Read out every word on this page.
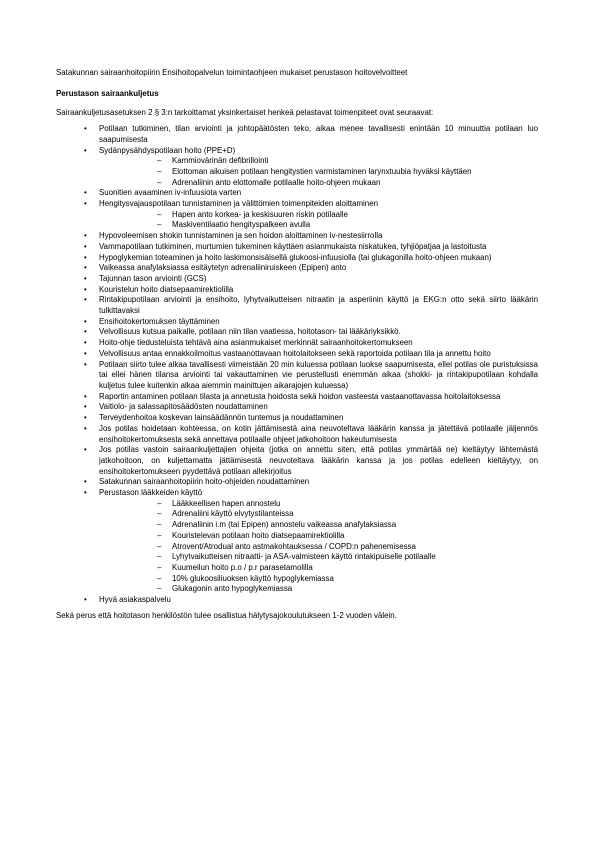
Satakunnan sairaanhoitopiirin Ensihoitopalvelun toimintaohjeen mukaiset perustason hoitovelvoitteet

Perustason sairaankuljetus

Sairaankuljetusasetuksen 2 § 3:n tarkoittamat yksinkertaiset henkeä pelastavat toimenpiteet ovat seuraavat:

• Potilaan tutkiminen, tilan arviointi ja johtopäätösten teko, aikaa menee tavallisesti enintään 10 minuuttia potilaan luo saapumisesta
• Sydänpysähdyspotilaan hoito (PPE+D)
– Kammiovärinän defibrillointi
– Elottoman aikuisen potilaan hengitystien varmistaminen larynxtuubia hyväksi käyttäen
– Adrenaliinin anto elottomalle potilaalle hoito-ohjeen mukaan
• Suonitien avaaminen iv-infuusiota varten
• Hengitysvajauspotilaan tunnistaminen ja välittömien toimenpiteiden aloittaminen
– Hapen anto korkea- ja keskisuuren riskin potilaalle
– Maskiventilaatio hengityspalkeen avulla
• Hypovoleemisen shokin tunnistaminen ja sen hoidon aloittaminen iv-nestesiirrolla
• Vammapotilaan tutkiminen, murtumien tukeminen käyttäen asianmukaista niskatukea, tyhjiöpatjaa ja lastoitusta
• Hypoglykemian toteaminen ja hoito laskimonsisäisellä glukoosi-infuusiolla (tai glukagonilla hoito-ohjeen mukaan)
• Vaikeassa anafylaksiassa esitäytetyn adrenaliiniruiskeen (Epipen) anto
• Tajunnan tason arviointi (GCS)
• Kouristelun hoito diatsepaamirektiolilla
• Rintakipupotilaan arviointi ja ensihoito, lyhytvaikutteisen nitraatin ja asperiinin käyttö ja EKG:n otto sekä siirto lääkärin tulkittavaksi
• Ensihoitokertomuksen täyttäminen
• Velvollisuus kutsua paikalle, potilaan niin tilan vaatiessa, hoitotason- tai lääkäriyksikkö.
• Hoito-ohje tiedusteluista tehtävä aina asianmukaiset merkinnät sairaanhoitokertomukseen
• Velvollisuus antaa ennakkoilmoitus vastaanottavaan hoitolaitokseen sekä raportoida potilaan tila ja annettu hoito
• Potilaan siirto tulee alkaa tavallisesti viimeistään 20 min kuluessa potilaan luokse saapumisesta, ellei potilas ole puristuksissa tai ellei hänen tilansa arviointi tai vakauttaminen vie perustellusti enemmän aikaa (shokki- ja rintakipupotilaan kohdalla kuljetus tulee kuitenkin alkaa aiemmin mainittujen aikarajojen kuluessa)
• Raportin antaminen potilaan tilasta ja annetusta hoidosta sekä hoidon vasteesta vastaanottavassa hoitolaitoksessa
• Vaitiolo- ja salassapitosäädösten noudattaminen
• Terveydenhoitoa koskevan lainsäädännön tuntemus ja noudattaminen
• Jos potilas hoidetaan kohteessa, on kotin jättämisestä aina neuvoteltava lääkärin kanssa ja jätettävä potilaalle jäljennös ensihoitokertomuksesta sekä annettava potilaalle ohjeet jatkohoitoon hakeutumisesta
• Jos potilas vastoin sairaankuljettajien ohjeita (jotka on annettu siten, että potilas ymmärtää ne) kieltäytyy lähtemästä jatkohoitoon, on kuljettamatta jättämisestä neuvoteltava lääkärin kanssa ja jos potilas edelleen kieltäytyy, on ensihoitokertomukseen pyydettävä potilaan allekirjoitus
• Satakunnan sairaanhoitopiirin hoito-ohjeiden noudattaminen
• Perustason lääkkeiden käyttö
– Lääkkeellisen hapen annostelu
– Adrenaliini käyttö elvytystilanteissa
– Adrenaliinin i.m (tai Epipen) annostelu vaikeassa anafylaksiassa
– Kouristelevan potilaan hoito diatsepaamirektiolilla
– Atrovent/Atrodual anto astmakohtauksessa / COPD:n pahenemisessa
– Lyhytvaikutteisen nitraatti- ja ASA-valmisteen käyttö rintakipuiselle potilaalle
– Kuumeilun hoito p.o / p.r parasetamolilla
– 10% glukoosiliuoksen käyttö hypoglykemiassa
– Glukagonin anto hypoglykemiassa
• Hyvä asiakaspalvelu

Sekä perus että hoitotason henkilöstön tulee osallistua hälytysajokoulutukseen 1-2 vuoden välein.
